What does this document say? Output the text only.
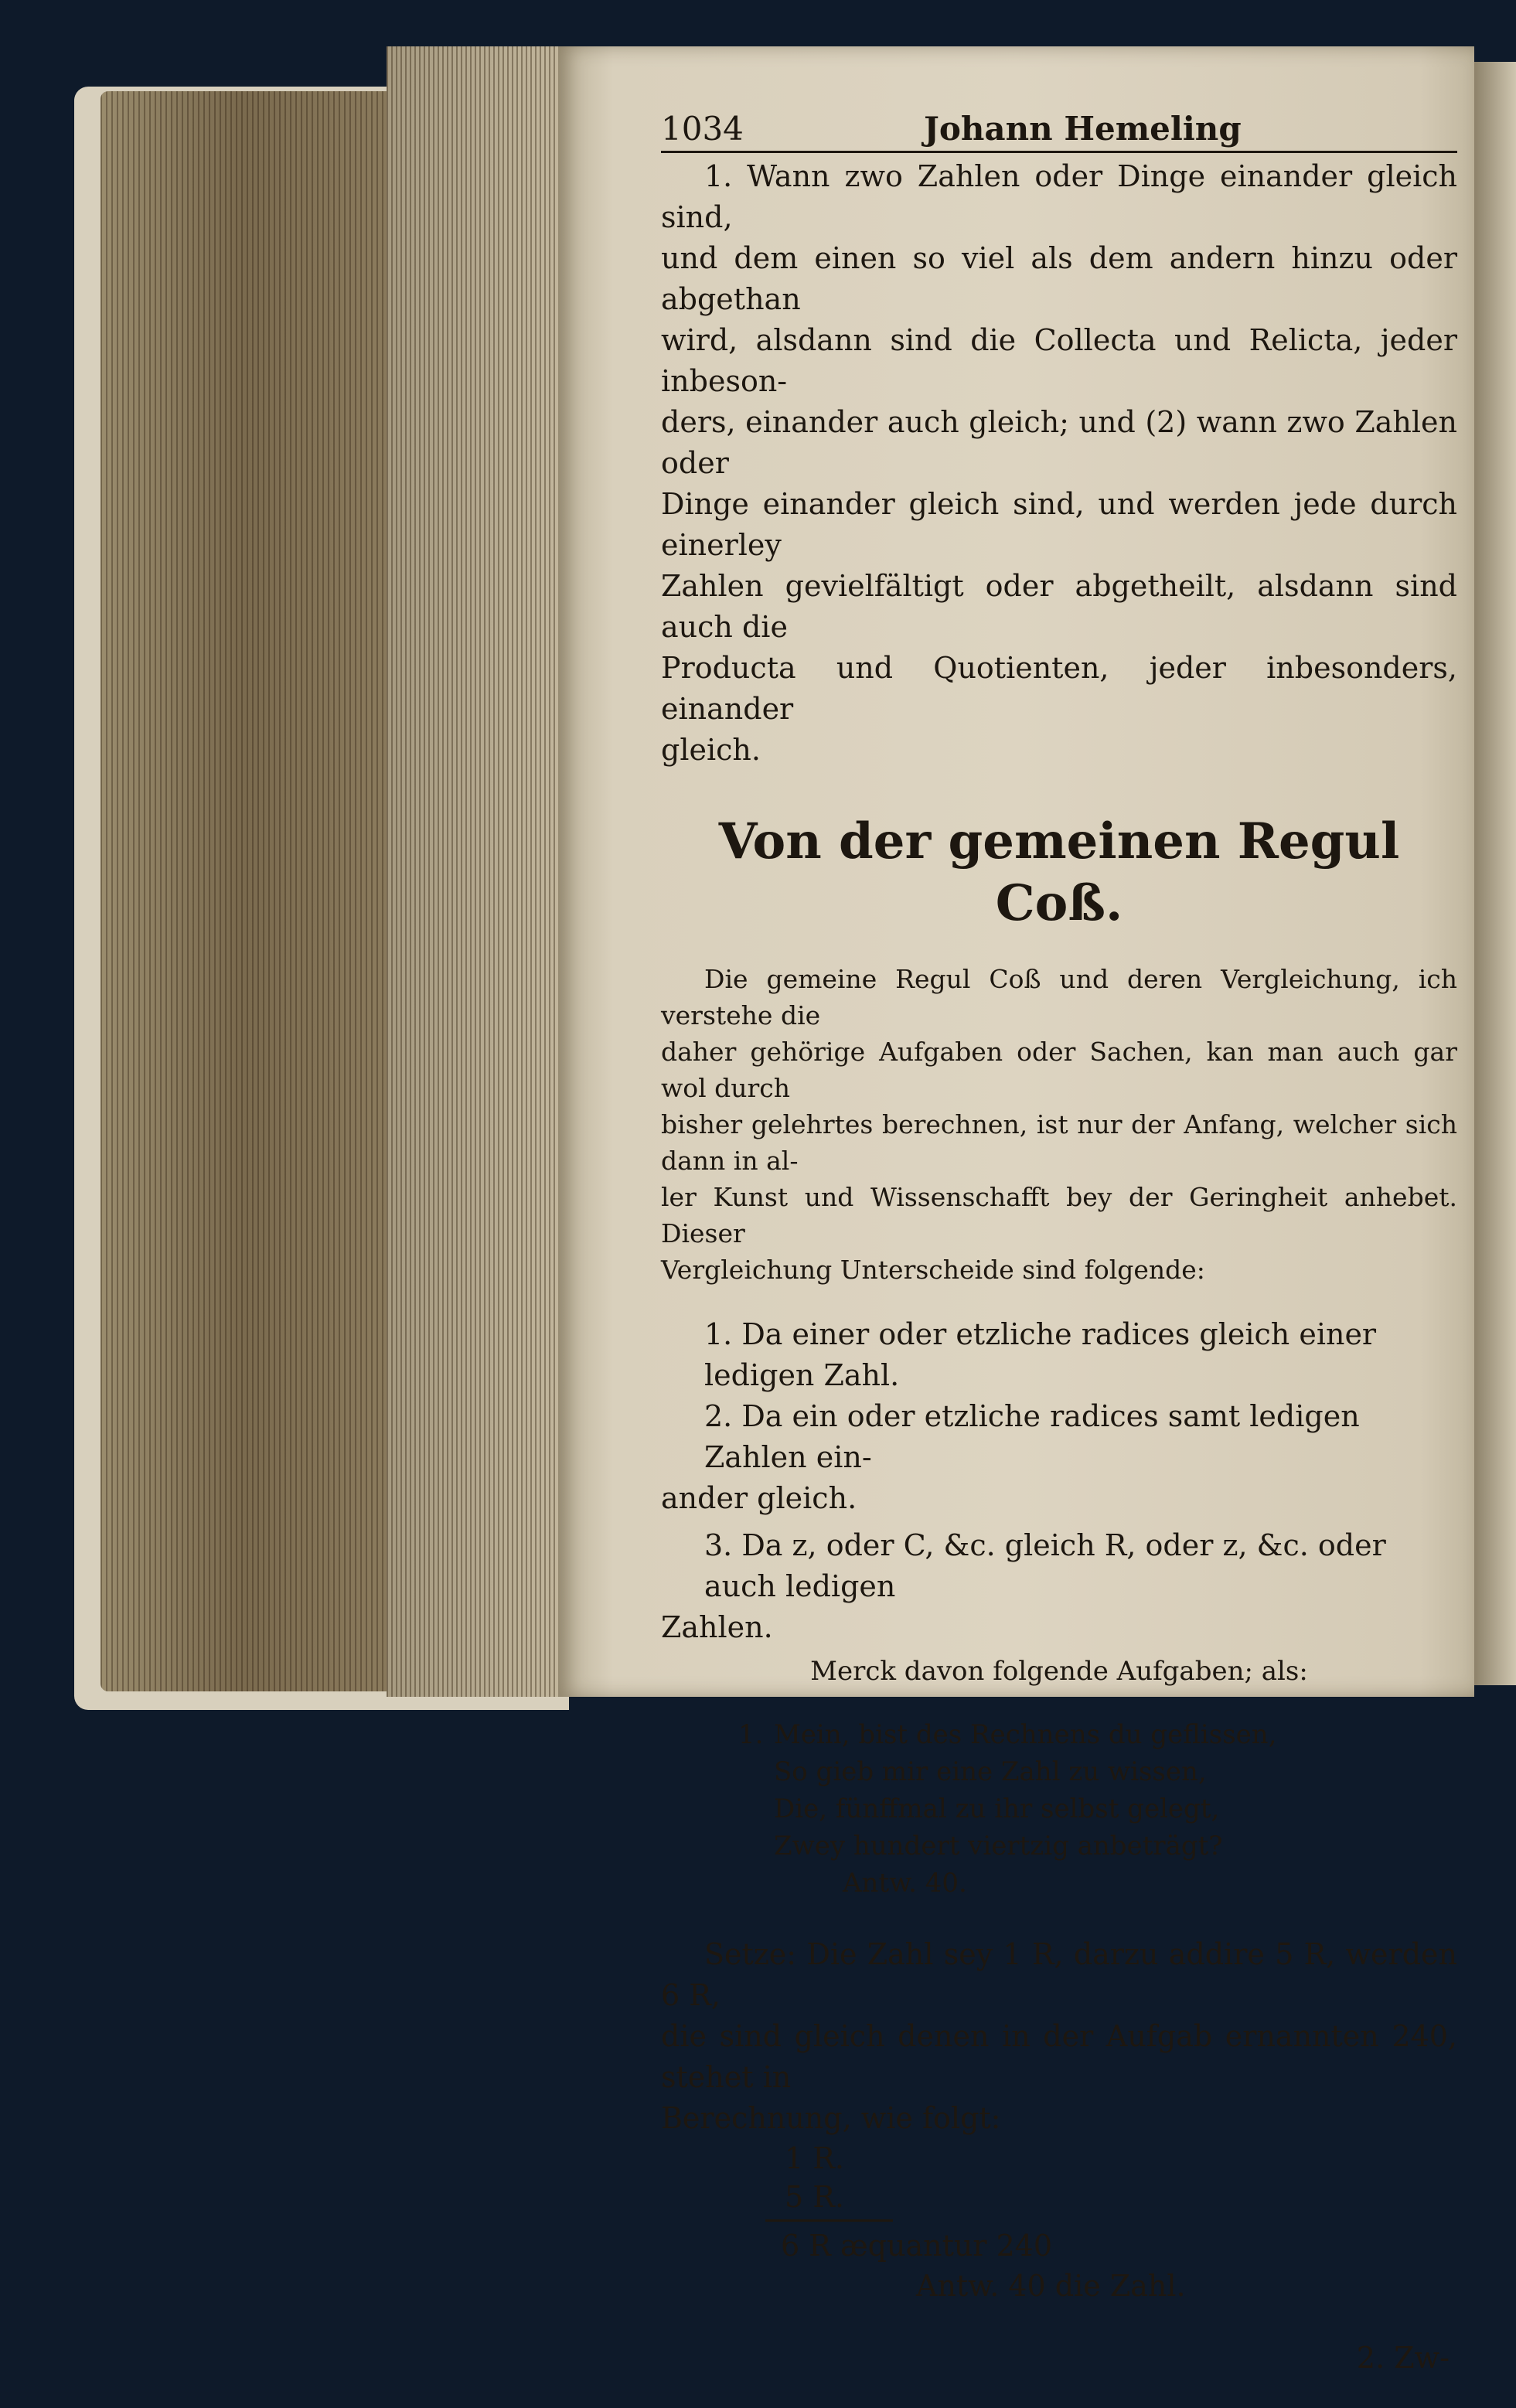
1034	Johann Hemeling

1. Wann zwo Zahlen oder Dinge einander gleich sind,

und dem einen so viel als dem andern hinzu oder abgethan

wird, alsdann sind die Collecta und Relicta, jeder inbeson-

ders, einander auch gleich; und (2) wann zwo Zahlen oder

Dinge einander gleich sind, und werden jede durch einerley

Zahlen gevielfältigt oder abgetheilt, alsdann sind auch die

Producta und Quotienten, jeder inbesonders, einander

gleich.

Von der gemeinen Regul Coß.

Die gemeine Regul Coß und deren Vergleichung, ich verstehe die

daher gehörige Aufgaben oder Sachen, kan man auch gar wol durch

bisher gelehrtes berechnen, ist nur der Anfang, welcher sich dann in al-

ler Kunst und Wissenschafft bey der Geringheit anhebet. Dieser

Vergleichung Unterscheide sind folgende:

1. Da einer oder etzliche radices gleich einer ledigen Zahl.

2. Da ein oder etzliche radices samt ledigen Zahlen ein-

ander gleich.

3. Da z, oder C, &c. gleich R, oder z, &c. oder auch ledigen

Zahlen.

Merck davon folgende Aufgaben; als:

1. Mein, bist des Rechnens du geflissen,

So gieb mir eine Zahl zu wissen,

Die, fünffmal zu ihr selbst gelegt,

Zwey hundert viertzig anbeträgt?

Antw. 40.

Setze: Die Zahl sey 1 R, darzu addire 5 R, werden 6 R,

die sind gleich denen in der Aufgab ernannten 240, stehet in

Berechnung, wie folgt:

1 R.

5 R.

6 R æquantur 240

Antw. 40 die Zahl.

2. Zw-
